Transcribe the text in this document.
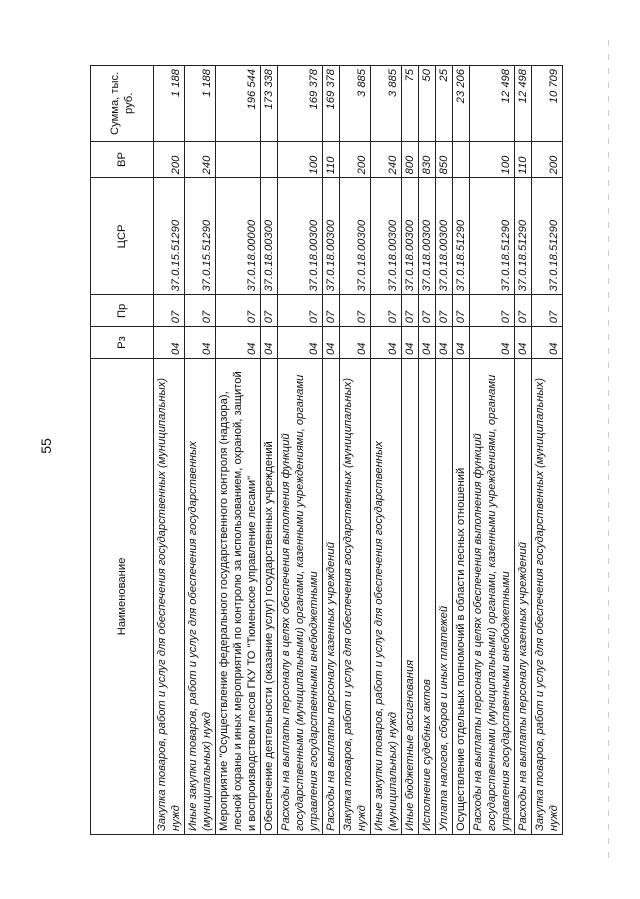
55
Наименование	Рз	Пр	ЦСР	ВР	Сумма, тыс. руб.
Закупка товаров, работ и услуг для обеспечения государственных (муниципальных) нужд	04	07	37.0.15.51290	200	1 188
Иные закупки товаров, работ и услуг для обеспечения государственных (муниципальных) нужд	04	07	37.0.15.51290	240	1 188
Мероприятие "Осуществление федерального государственного контроля (надзора), лесной охраны и иных мероприятий по контролю за использованием, охраной, защитой и воспроизводством лесов ГКУ ТО "Тюменское управление лесами"	04	07	37.0.18.00000		196 544
Обеспечение деятельности (оказание услуг) государственных учреждений	04	07	37.0.18.00300		173 338
Расходы на выплаты персоналу в целях обеспечения выполнения функций государственными (муниципальными) органами, казенными учреждениями, органами управления государственными внебюджетными	04	07	37.0.18.00300	100	169 378
Расходы на выплаты персоналу казенных учреждений	04	07	37.0.18.00300	110	169 378
Закупка товаров, работ и услуг для обеспечения государственных (муниципальных) нужд	04	07	37.0.18.00300	200	3 885
Иные закупки товаров, работ и услуг для обеспечения государственных (муниципальных) нужд	04	07	37.0.18.00300	240	3 885
Иные бюджетные ассигнования	04	07	37.0.18.00300	800	75
Исполнение судебных актов	04	07	37.0.18.00300	830	50
Уплата налогов, сборов и иных платежей	04	07	37.0.18.00300	850	25
Осуществление отдельных полномочий в области лесных отношений	04	07	37.0.18.51290		23 206
Расходы на выплаты персоналу в целях обеспечения выполнения функций государственными (муниципальными) органами, казенными учреждениями, органами управления государственными внебюджетными	04	07	37.0.18.51290	100	12 498
Расходы на выплаты персоналу казенных учреждений	04	07	37.0.18.51290	110	12 498
Закупка товаров, работ и услуг для обеспечения государственных (муниципальных) нужд	04	07	37.0.18.51290	200	10 709
